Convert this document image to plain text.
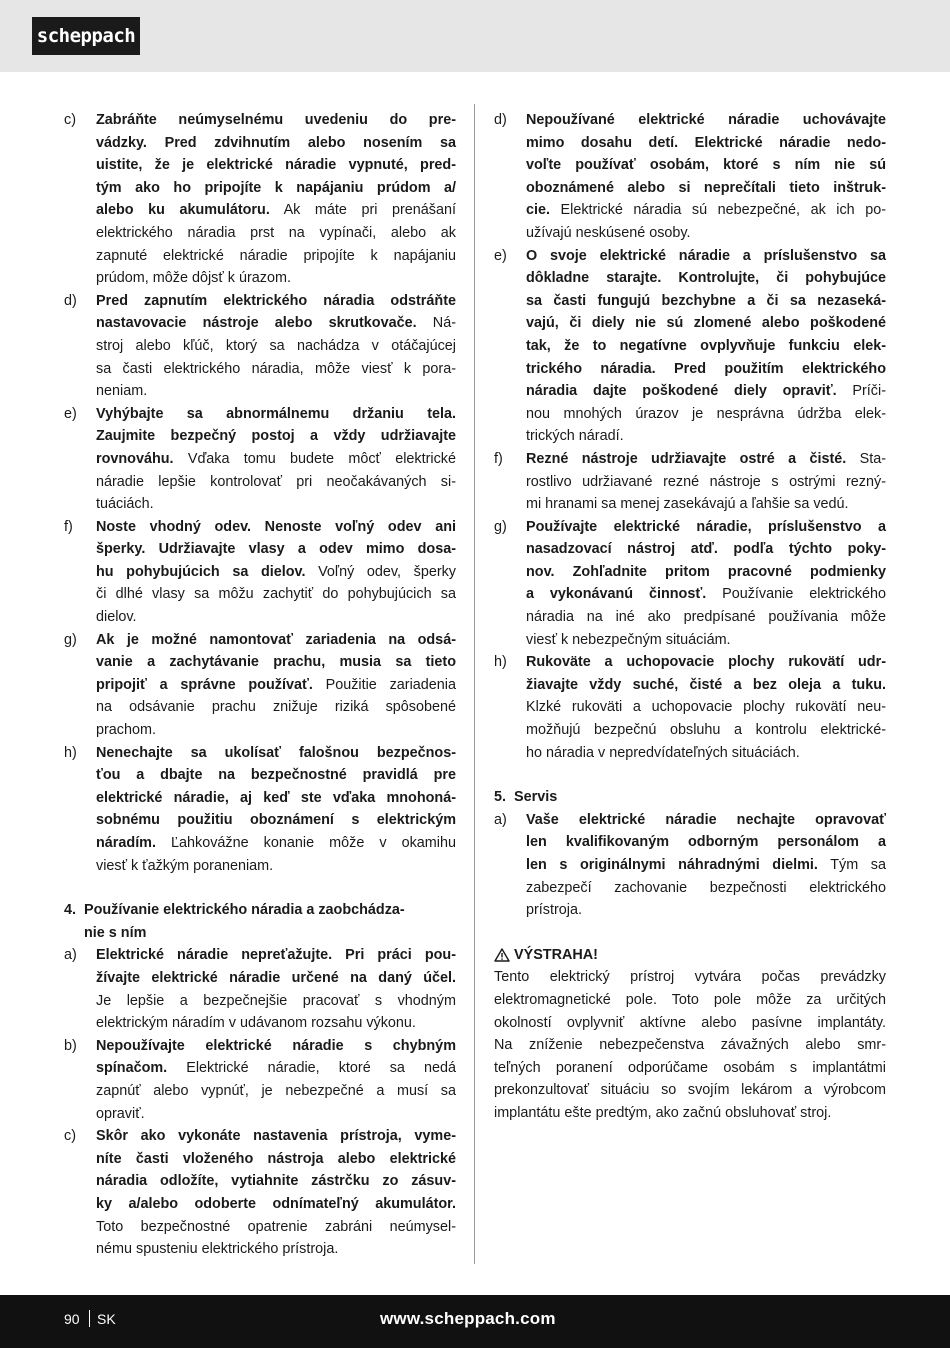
scheppach
c)	Zabráňte neúmyselnému uvedeniu do pre-
vádzky. Pred zdvihnutím alebo nosením sa
uistite, že je elektrické náradie vypnuté, pred-
tým ako ho pripojíte k napájaniu prúdom a/
alebo ku akumulátoru. Ak máte pri prenášaní
elektrického náradia prst na vypínači, alebo ak
zapnuté elektrické náradie pripojíte k napájaniu
prúdom, môže dôjsť k úrazom.
d)	Pred zapnutím elektrického náradia odstráňte
nastavovacie nástroje alebo skrutkovače. Ná-
stroj alebo kľúč, ktorý sa nachádza v otáčajúcej
sa časti elektrického náradia, môže viesť k pora-
neniam.
e)	Vyhýbajte sa abnormálnemu držaniu tela.
Zaujmite bezpečný postoj a vždy udržiavajte
rovnováhu. Vďaka tomu budete môcť elektrické
náradie lepšie kontrolovať pri neočakávaných si-
tuáciách.
f)	Noste vhodný odev. Nenoste voľný odev ani
šperky. Udržiavajte vlasy a odev mimo dosa-
hu pohybujúcich sa dielov. Voľný odev, šperky
či dlhé vlasy sa môžu zachytiť do pohybujúcich sa
dielov.
g)	Ak je možné namontovať zariadenia na odsá-
vanie a zachytávanie prachu, musia sa tieto
pripojiť a správne používať. Použitie zariadenia
na odsávanie prachu znižuje riziká spôsobené
prachom.
h)	Nenechajte sa ukolísať falošnou bezpečnos-
ťou a dbajte na bezpečnostné pravidlá pre
elektrické náradie, aj keď ste vďaka mnohoná-
sobnému použitiu oboznámení s elektrickým
náradím. Ľahkovážne konanie môže v okamihu
viesť k ťažkým poraneniam.
4. Používanie elektrického náradia a zaobchádza-
nie s ním
a)	Elektrické náradie nepreťažujte. Pri práci pou-
žívajte elektrické náradie určené na daný účel.
Je lepšie a bezpečnejšie pracovať s vhodným
elektrickým náradím v udávanom rozsahu výkonu.
b)	Nepoužívajte elektrické náradie s chybným
spínačom. Elektrické náradie, ktoré sa nedá
zapnúť alebo vypnúť, je nebezpečné a musí sa
opraviť.
c)	Skôr ako vykonáte nastavenia prístroja, vyme-
níte časti vloženého nástroja alebo elektrické
náradia odložíte, vytiahnite zástrčku zo zásuv-
ky a/alebo odoberte odnímateľný akumulátor.
Toto bezpečnostné opatrenie zabráni neúmysel-
nému spusteniu elektrického prístroja.
d)	Nepoužívané elektrické náradie uchovávajte
mimo dosahu detí. Elektrické náradie nedo-
voľte používať osobám, ktoré s ním nie sú
oboznámené alebo si neprečítali tieto inštruk-
cie. Elektrické náradia sú nebezpečné, ak ich po-
užívajú neskúsené osoby.
e)	O svoje elektrické náradie a príslušenstvo sa
dôkladne starajte. Kontrolujte, či pohybujúce
sa časti fungujú bezchybne a či sa nezaseká-
vajú, či diely nie sú zlomené alebo poškodené
tak, že to negatívne ovplyvňuje funkciu elek-
trického náradia. Pred použitím elektrického
náradia dajte poškodené diely opraviť. Príči-
nou mnohých úrazov je nesprávna údržba elek-
trických náradí.
f)	Rezné nástroje udržiavajte ostré a čisté. Sta-
rostlivo udržiavané rezné nástroje s ostrými rezný-
mi hranami sa menej zasekávajú a ľahšie sa vedú.
g)	Používajte elektrické náradie, príslušenstvo a
nasadzovací nástroj atď. podľa týchto poky-
nov. Zohľadnite pritom pracovné podmienky
a vykonávanú činnosť. Používanie elektrického
náradia na iné ako predpísané používania môže
viesť k nebezpečným situáciám.
h)	Rukoväte a uchopovacie plochy rukovätí udr-
žiavajte vždy suché, čisté a bez oleja a tuku.
Klzké rukoväti a uchopovacie plochy rukovätí neu-
možňujú bezpečnú obsluhu a kontrolu elektrické-
ho náradia v nepredvídateľných situáciách.
5. Servis
a)	Vaše elektrické náradie nechajte opravovať
len kvalifikovaným odborným personálom a
len s originálnymi náhradnými dielmi. Tým sa
zabezpečí zachovanie bezpečnosti elektrického
prístroja.
VÝSTRAHA!
Tento elektrický prístroj vytvára počas prevádzky
elektromagnetické pole. Toto pole môže za určitých
okolností ovplyvniť aktívne alebo pasívne implantáty.
Na zníženie nebezpečenstva závažných alebo smr-
teľných poranení odporúčame osobám s implantátmi
prekonzultovať situáciu so svojím lekárom a výrobcom
implantátu ešte predtým, ako začnú obsluhovať stroj.
90 SK	www.scheppach.com
